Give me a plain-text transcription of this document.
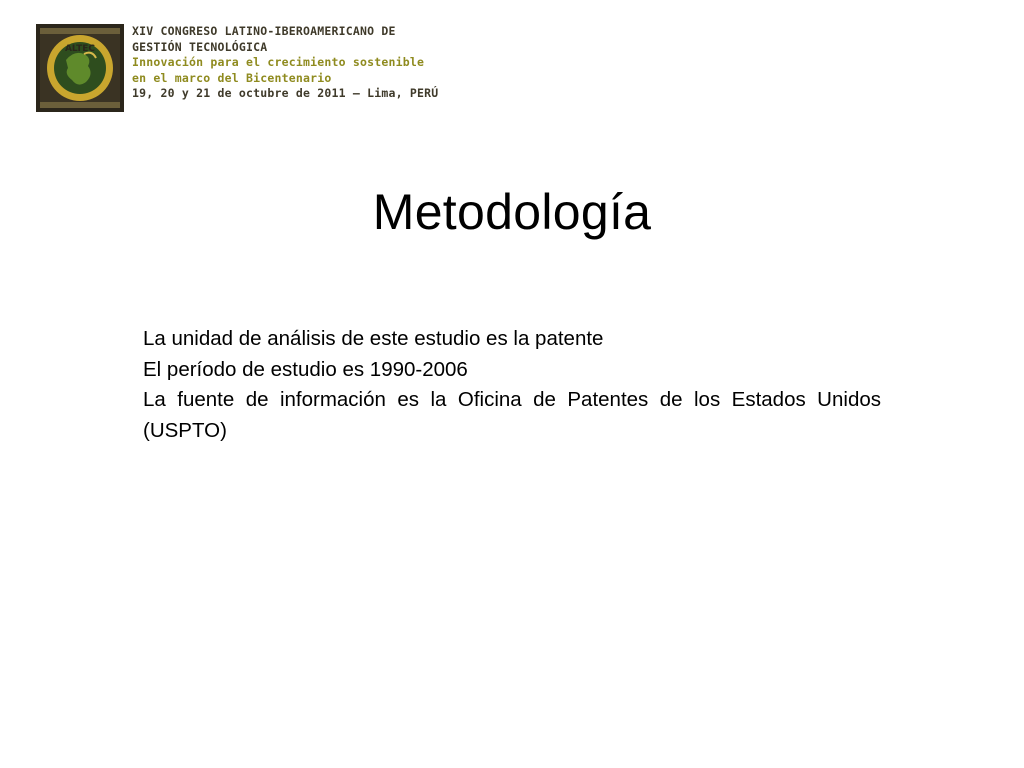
ALTEC
XIV CONGRESO LATINO-IBEROAMERICANO DE
GESTIÓN TECNOLÓGICA
Innovación para el crecimiento sostenible
en el marco del Bicentenario
19, 20 y 21 de octubre de 2011 – Lima, PERÚ
Metodología
La unidad de análisis de este estudio es la patente
El período de estudio es 1990-2006
La fuente de información es la Oficina de Patentes de los Estados Unidos (USPTO)
